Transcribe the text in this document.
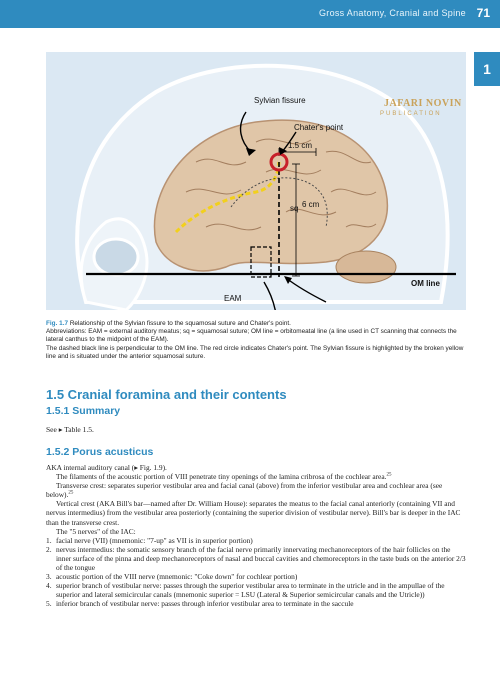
Gross Anatomy, Cranial and Spine 71
1
Sylvian fissure
Chater's point
1.5 cm
sq 6 cm
EAM
OM line
JAFARI NOVIN
PUBLICATION

Fig. 1.7 Relationship of the Sylvian fissure to the squamosal suture and Chater's point.

Abbreviations: EAM = external auditory meatus; sq = squamosal suture; OM line = orbitomeatal line (a line used in CT scanning that connects the lateral canthus to the midpoint of the EAM).

The dashed black line is perpendicular to the OM line. The red circle indicates Chater's point. The Sylvian fissure is highlighted by the broken yellow line and is situated under the anterior squamosal suture.

1.5 Cranial foramina and their contents
1.5.1 Summary
See ▸ Table 1.5.
1.5.2 Porus acusticus

AKA internal auditory canal (▸ Fig. 1.9).

The filaments of the acoustic portion of VIII penetrate tiny openings of the lamina cribrosa of the cochlear area.$^{25}$

Transverse crest: separates superior vestibular area and facial canal (above) from the inferior vestibular area and cochlear area (see below).$^{25}$

Vertical crest (AKA Bill's bar—named after Dr. William House): separates the meatus to the facial canal anteriorly (containing VII and nervus intermedius) from the vestibular area posteriorly (containing the superior division of vestibular nerve). Bill's bar is deeper in the IAC than the transverse crest.

The "5 nerves" of the IAC:

1. facial nerve (VII) (mnemonic: "7-up" as VII is in superior portion)
2. nervus intermedius: the somatic sensory branch of the facial nerve primarily innervating mechanoreceptors of the hair follicles on the inner surface of the pinna and deep mechanoreceptors of nasal and buccal cavities and chemoreceptors in the taste buds on the anterior 2/3 of the tongue
3. acoustic portion of the VIII nerve (mnemonic: "Coke down" for cochlear portion)
4. superior branch of vestibular nerve: passes through the superior vestibular area to terminate in the utricle and in the ampullae of the superior and lateral semicircular canals (mnemonic superior = LSU (Lateral & Superior semicircular canals and the Utricle))
5. inferior branch of vestibular nerve: passes through inferior vestibular area to terminate in the saccule
